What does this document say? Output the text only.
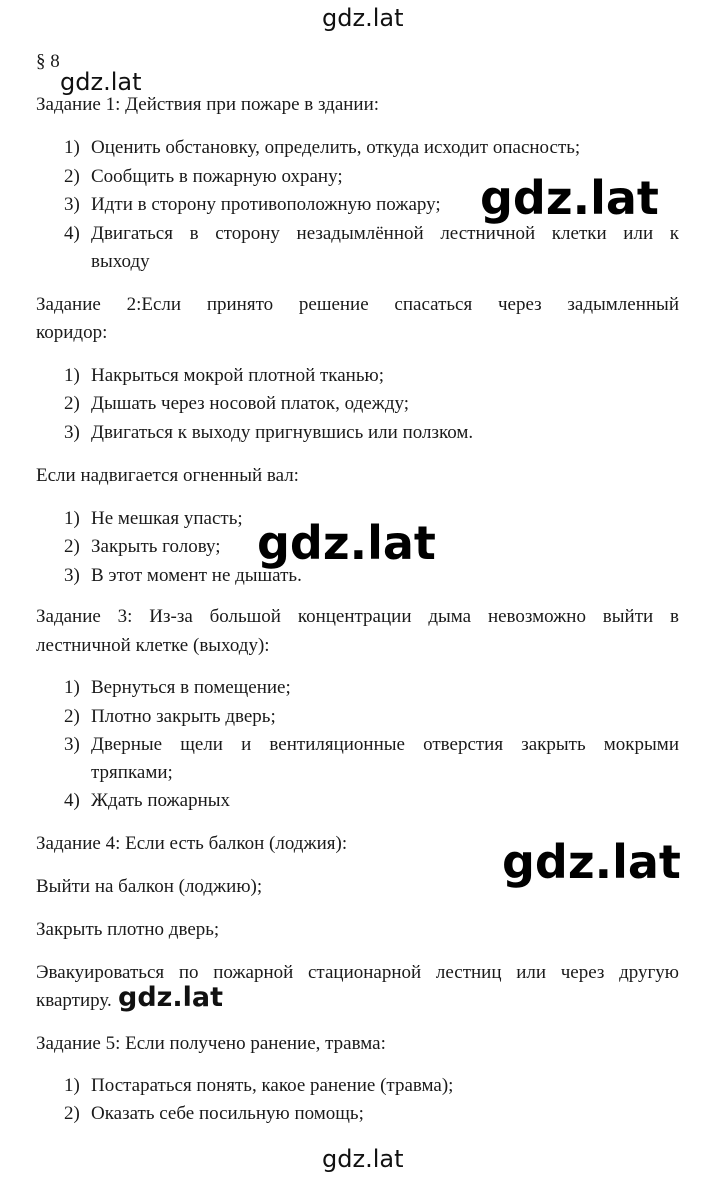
gdz.lat
§ 8
gdz.lat
Задание 1: Действия при пожаре в здании:
1) Оценить обстановку, определить, откуда исходит опасность;
2) Сообщить в пожарную охрану;
3) Идти в сторону противоположную пожару;
4) Двигаться в сторону незадымлённой лестничной клетки или к
выходу
gdz.lat
Задание 2:Если принято решение спасаться через задымленный
коридор:
1) Накрыться мокрой плотной тканью;
2) Дышать через носовой платок, одежду;
3) Двигаться к выходу пригнувшись или ползком.
Если надвигается огненный вал:
1) Не мешкая упасть;
2) Закрыть голову;
3) В этот момент не дышать.
gdz.lat
Задание 3: Из-за большой концентрации дыма невозможно выйти в
лестничной клетке (выходу):
1) Вернуться в помещение;
2) Плотно закрыть дверь;
3) Дверные щели и вентиляционные отверстия закрыть мокрыми
тряпками;
4) Ждать пожарных
Задание 4: Если есть балкон (лоджия):
Выйти на балкон (лоджию);
Закрыть плотно дверь;
Эвакуироваться по пожарной стационарной лестниц или через другую
квартиру.
gdz.lat
gdz.lat
Задание 5: Если получено ранение, травма:
1) Постараться понять, какое ранение (травма);
2) Оказать себе посильную помощь;
gdz.lat
